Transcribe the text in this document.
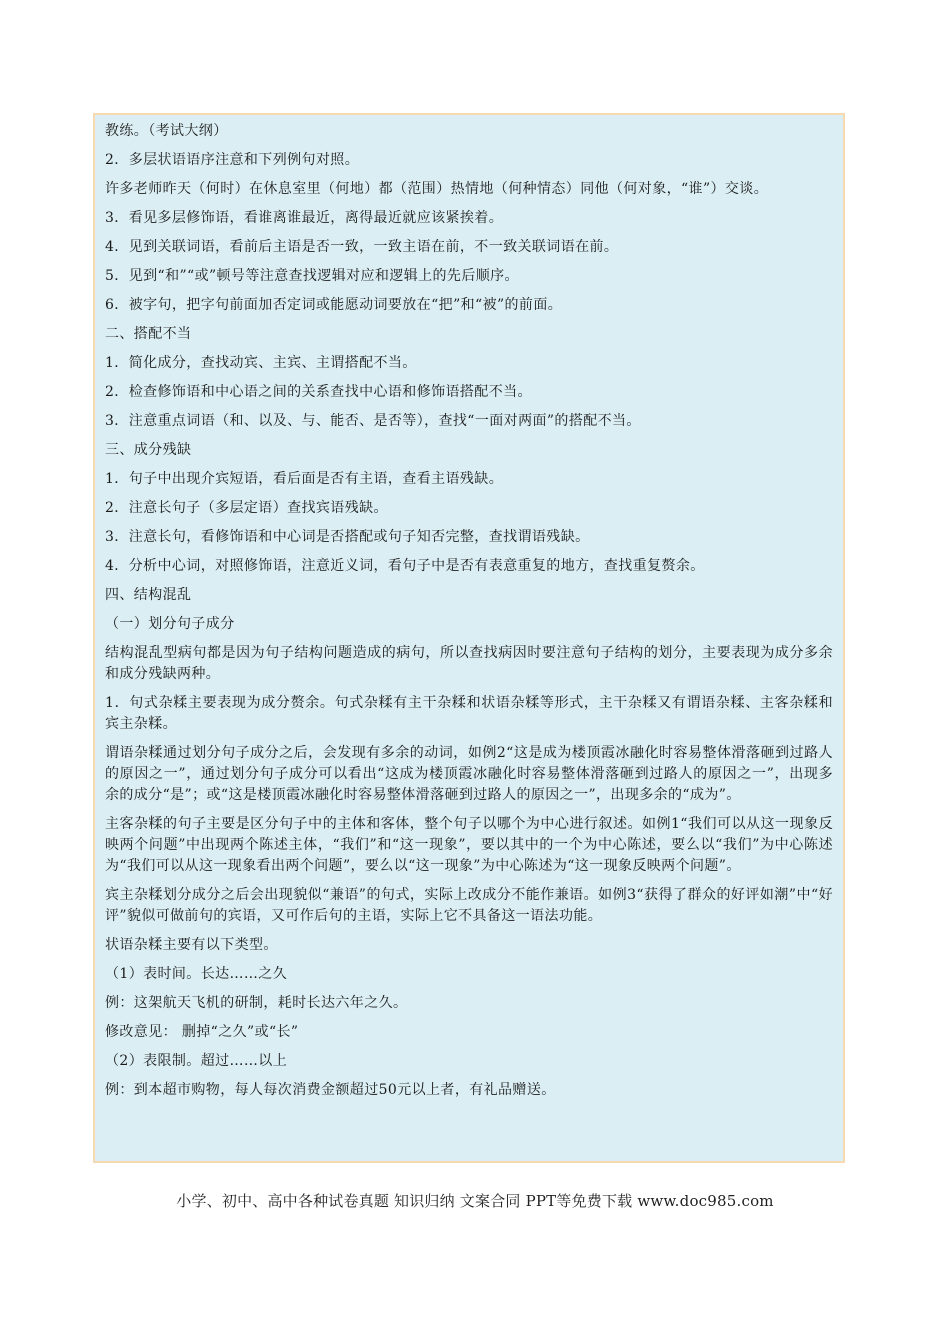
教练。（考试大纲）

2．多层状语语序注意和下列例句对照。

许多老师昨天（何时）在休息室里（何地）都（范围）热情地（何种情态）同他（何对象，“谁”）交谈。

3．看见多层修饰语，看谁离谁最近，离得最近就应该紧挨着。

4．见到关联词语，看前后主语是否一致，一致主语在前，不一致关联词语在前。

5．见到“和”“或”顿号等注意查找逻辑对应和逻辑上的先后顺序。

6．被字句，把字句前面加否定词或能愿动词要放在“把”和“被”的前面。

二、搭配不当

1．简化成分，查找动宾、主宾、主谓搭配不当。

2．检查修饰语和中心语之间的关系查找中心语和修饰语搭配不当。

3．注意重点词语（和、以及、与、能否、是否等），查找“一面对两面”的搭配不当。

三、成分残缺

1．句子中出现介宾短语，看后面是否有主语，查看主语残缺。

2．注意长句子（多层定语）查找宾语残缺。

3．注意长句，看修饰语和中心词是否搭配或句子知否完整，查找谓语残缺。

4．分析中心词，对照修饰语，注意近义词，看句子中是否有表意重复的地方，查找重复赘余。

四、结构混乱

（一）划分句子成分

结构混乱型病句都是因为句子结构问题造成的病句，所以查找病因时要注意句子结构的划分，主要表现为成分多余和成分残缺两种。

1．句式杂糅主要表现为成分赘余。句式杂糅有主干杂糅和状语杂糅等形式，主干杂糅又有谓语杂糅、主客杂糅和宾主杂糅。

谓语杂糅通过划分句子成分之后，会发现有多余的动词，如例2“这是成为楼顶霞冰融化时容易整体滑落砸到过路人的原因之一”，通过划分句子成分可以看出“这成为楼顶霞冰融化时容易整体滑落砸到过路人的原因之一”，出现多余的成分“是”；或“这是楼顶霞冰融化时容易整体滑落砸到过路人的原因之一”，出现多余的“成为”。

主客杂糅的句子主要是区分句子中的主体和客体，整个句子以哪个为中心进行叙述。如例1“我们可以从这一现象反映两个问题”中出现两个陈述主体，“我们”和“这一现象”，要以其中的一个为中心陈述，要么以“我们”为中心陈述为“我们可以从这一现象看出两个问题”，要么以“这一现象”为中心陈述为“这一现象反映两个问题”。

宾主杂糅划分成分之后会出现貌似“兼语”的句式，实际上改成分不能作兼语。如例3“获得了群众的好评如潮”中“好评”貌似可做前句的宾语，又可作后句的主语，实际上它不具备这一语法功能。

状语杂糅主要有以下类型。

（1）表时间。长达……之久

例：这架航天飞机的研制，耗时长达六年之久。

修改意见： 删掉“之久”或“长”

（2）表限制。超过……以上

例：到本超市购物，每人每次消费金额超过50元以上者，有礼品赠送。

小学、初中、高中各种试卷真题 知识归纳 文案合同 PPT等免费下载 www.doc985.com
